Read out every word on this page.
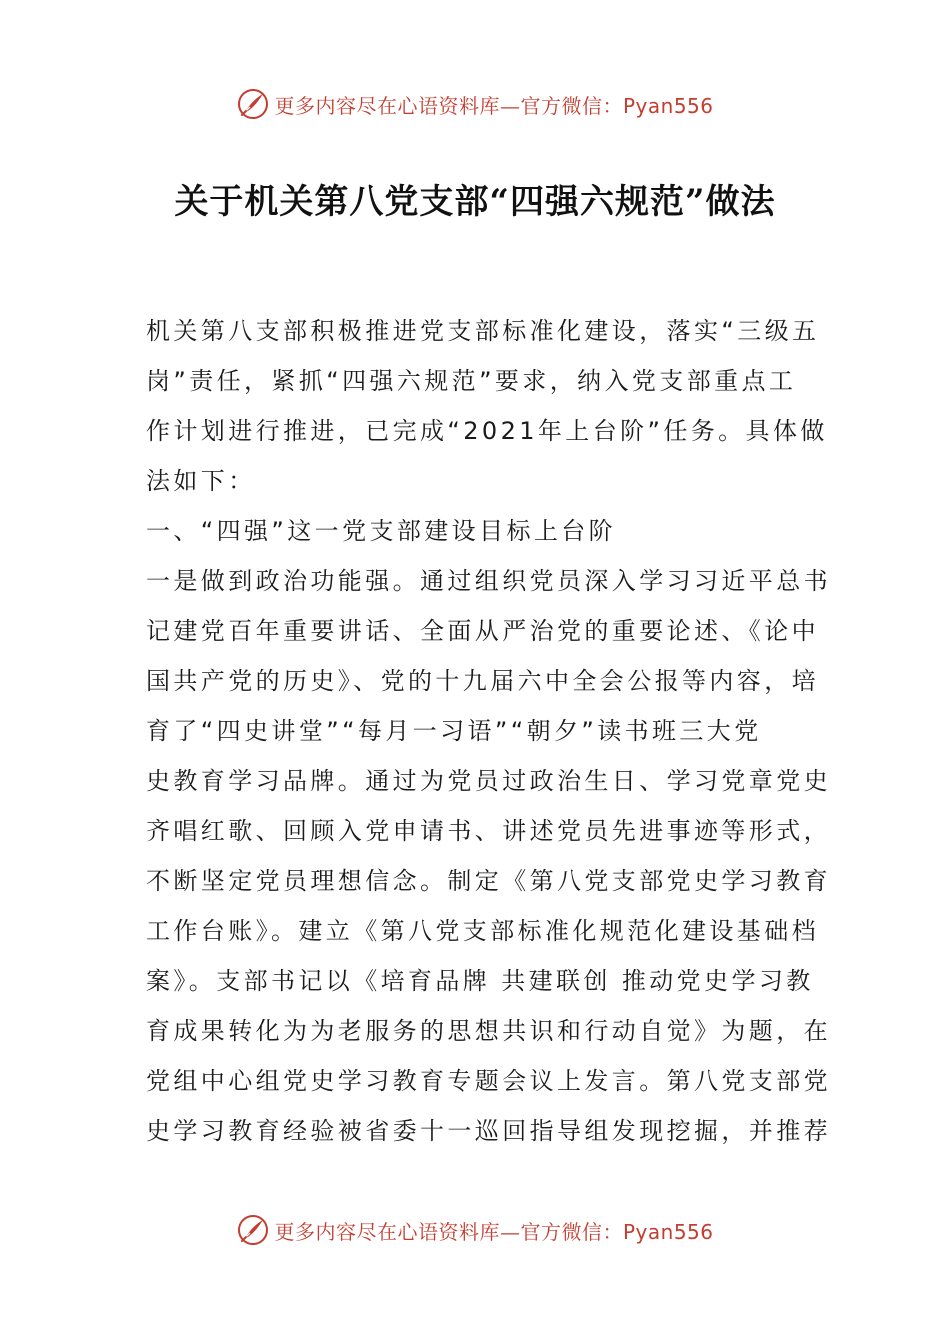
更多内容尽在心语资料库—官方微信：Pyan556
关于机关第八党支部“四强六规范”做法
机关第八支部积极推进党支部标准化建设，落实“三级五
岗”责任，紧抓“四强六规范”要求，纳入党支部重点工
作计划进行推进，已完成“2021年上台阶”任务。具体做
法如下：
一、“四强”这一党支部建设目标上台阶
一是做到政治功能强。通过组织党员深入学习习近平总书
记建党百年重要讲话、全面从严治党的重要论述、《论中
国共产党的历史》、党的十九届六中全会公报等内容，培
育了“四史讲堂”“每月一习语”“朝夕”读书班三大党
史教育学习品牌。通过为党员过政治生日、学习党章党史
齐唱红歌、回顾入党申请书、讲述党员先进事迹等形式，
不断坚定党员理想信念。制定《第八党支部党史学习教育
工作台账》。建立《第八党支部标准化规范化建设基础档
案》。支部书记以《培育品牌 共建联创 推动党史学习教
育成果转化为为老服务的思想共识和行动自觉》为题，在
党组中心组党史学习教育专题会议上发言。第八党支部党
史学习教育经验被省委十一巡回指导组发现挖掘，并推荐
更多内容尽在心语资料库—官方微信：Pyan556
